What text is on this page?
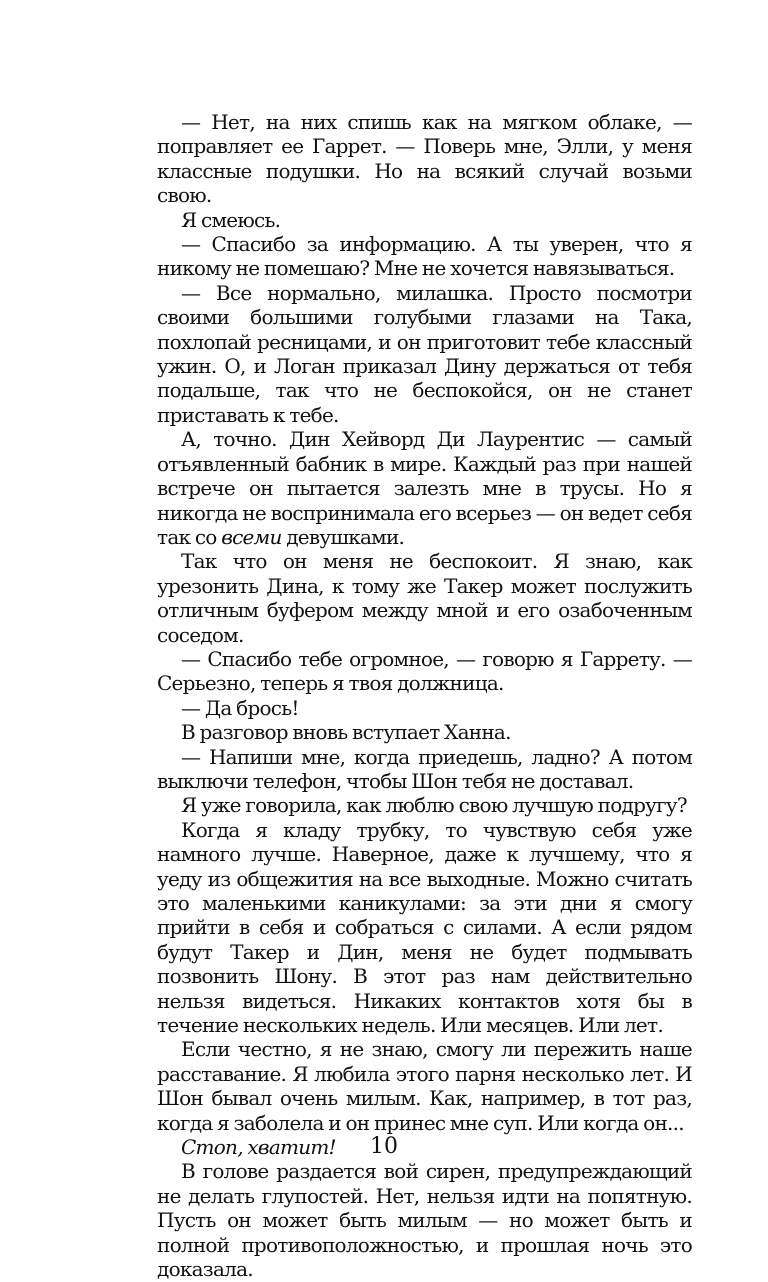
— Нет, на них спишь как на мягком облаке, — поправляет ее Гаррет. — Поверь мне, Элли, у меня классные подушки. Но на всякий случай возьми свою.

Я смеюсь.

— Спасибо за информацию. А ты уверен, что я никому не помешаю? Мне не хочется навязываться.

— Все нормально, милашка. Просто посмотри своими большими голубыми глазами на Така, похлопай ресницами, и он приготовит тебе классный ужин. О, и Логан приказал Дину держаться от тебя подальше, так что не беспокойся, он не станет приставать к тебе.

А, точно. Дин Хейворд Ди Лаурентис — самый отъявленный бабник в мире. Каждый раз при нашей встрече он пытается залезть мне в трусы. Но я никогда не воспринимала его всерьез — он ведет себя так со всеми девушками.

Так что он меня не беспокоит. Я знаю, как урезонить Дина, к тому же Такер может послужить отличным буфером между мной и его озабоченным соседом.

— Спасибо тебе огромное, — говорю я Гаррету. — Серьезно, теперь я твоя должница.

— Да брось!

В разговор вновь вступает Ханна.

— Напиши мне, когда приедешь, ладно? А потом выключи телефон, чтобы Шон тебя не доставал.

Я уже говорила, как люблю свою лучшую подругу?

Когда я кладу трубку, то чувствую себя уже намного лучше. Наверное, даже к лучшему, что я уеду из общежития на все выходные. Можно считать это маленькими каникулами: за эти дни я смогу прийти в себя и собраться с силами. А если рядом будут Такер и Дин, меня не будет подмывать позвонить Шону. В этот раз нам действительно нельзя видеться. Никаких контактов хотя бы в течение нескольких недель. Или месяцев. Или лет.

Если честно, я не знаю, смогу ли пережить наше расставание. Я любила этого парня несколько лет. И Шон бывал очень милым. Как, например, в тот раз, когда я заболела и он принес мне суп. Или когда он...

Стоп, хватит!

В голове раздается вой сирен, предупреждающий не делать глупостей. Нет, нельзя идти на попятную. Пусть он может быть милым — но может быть и полной противоположностью, и прошлая ночь это доказала.

10
